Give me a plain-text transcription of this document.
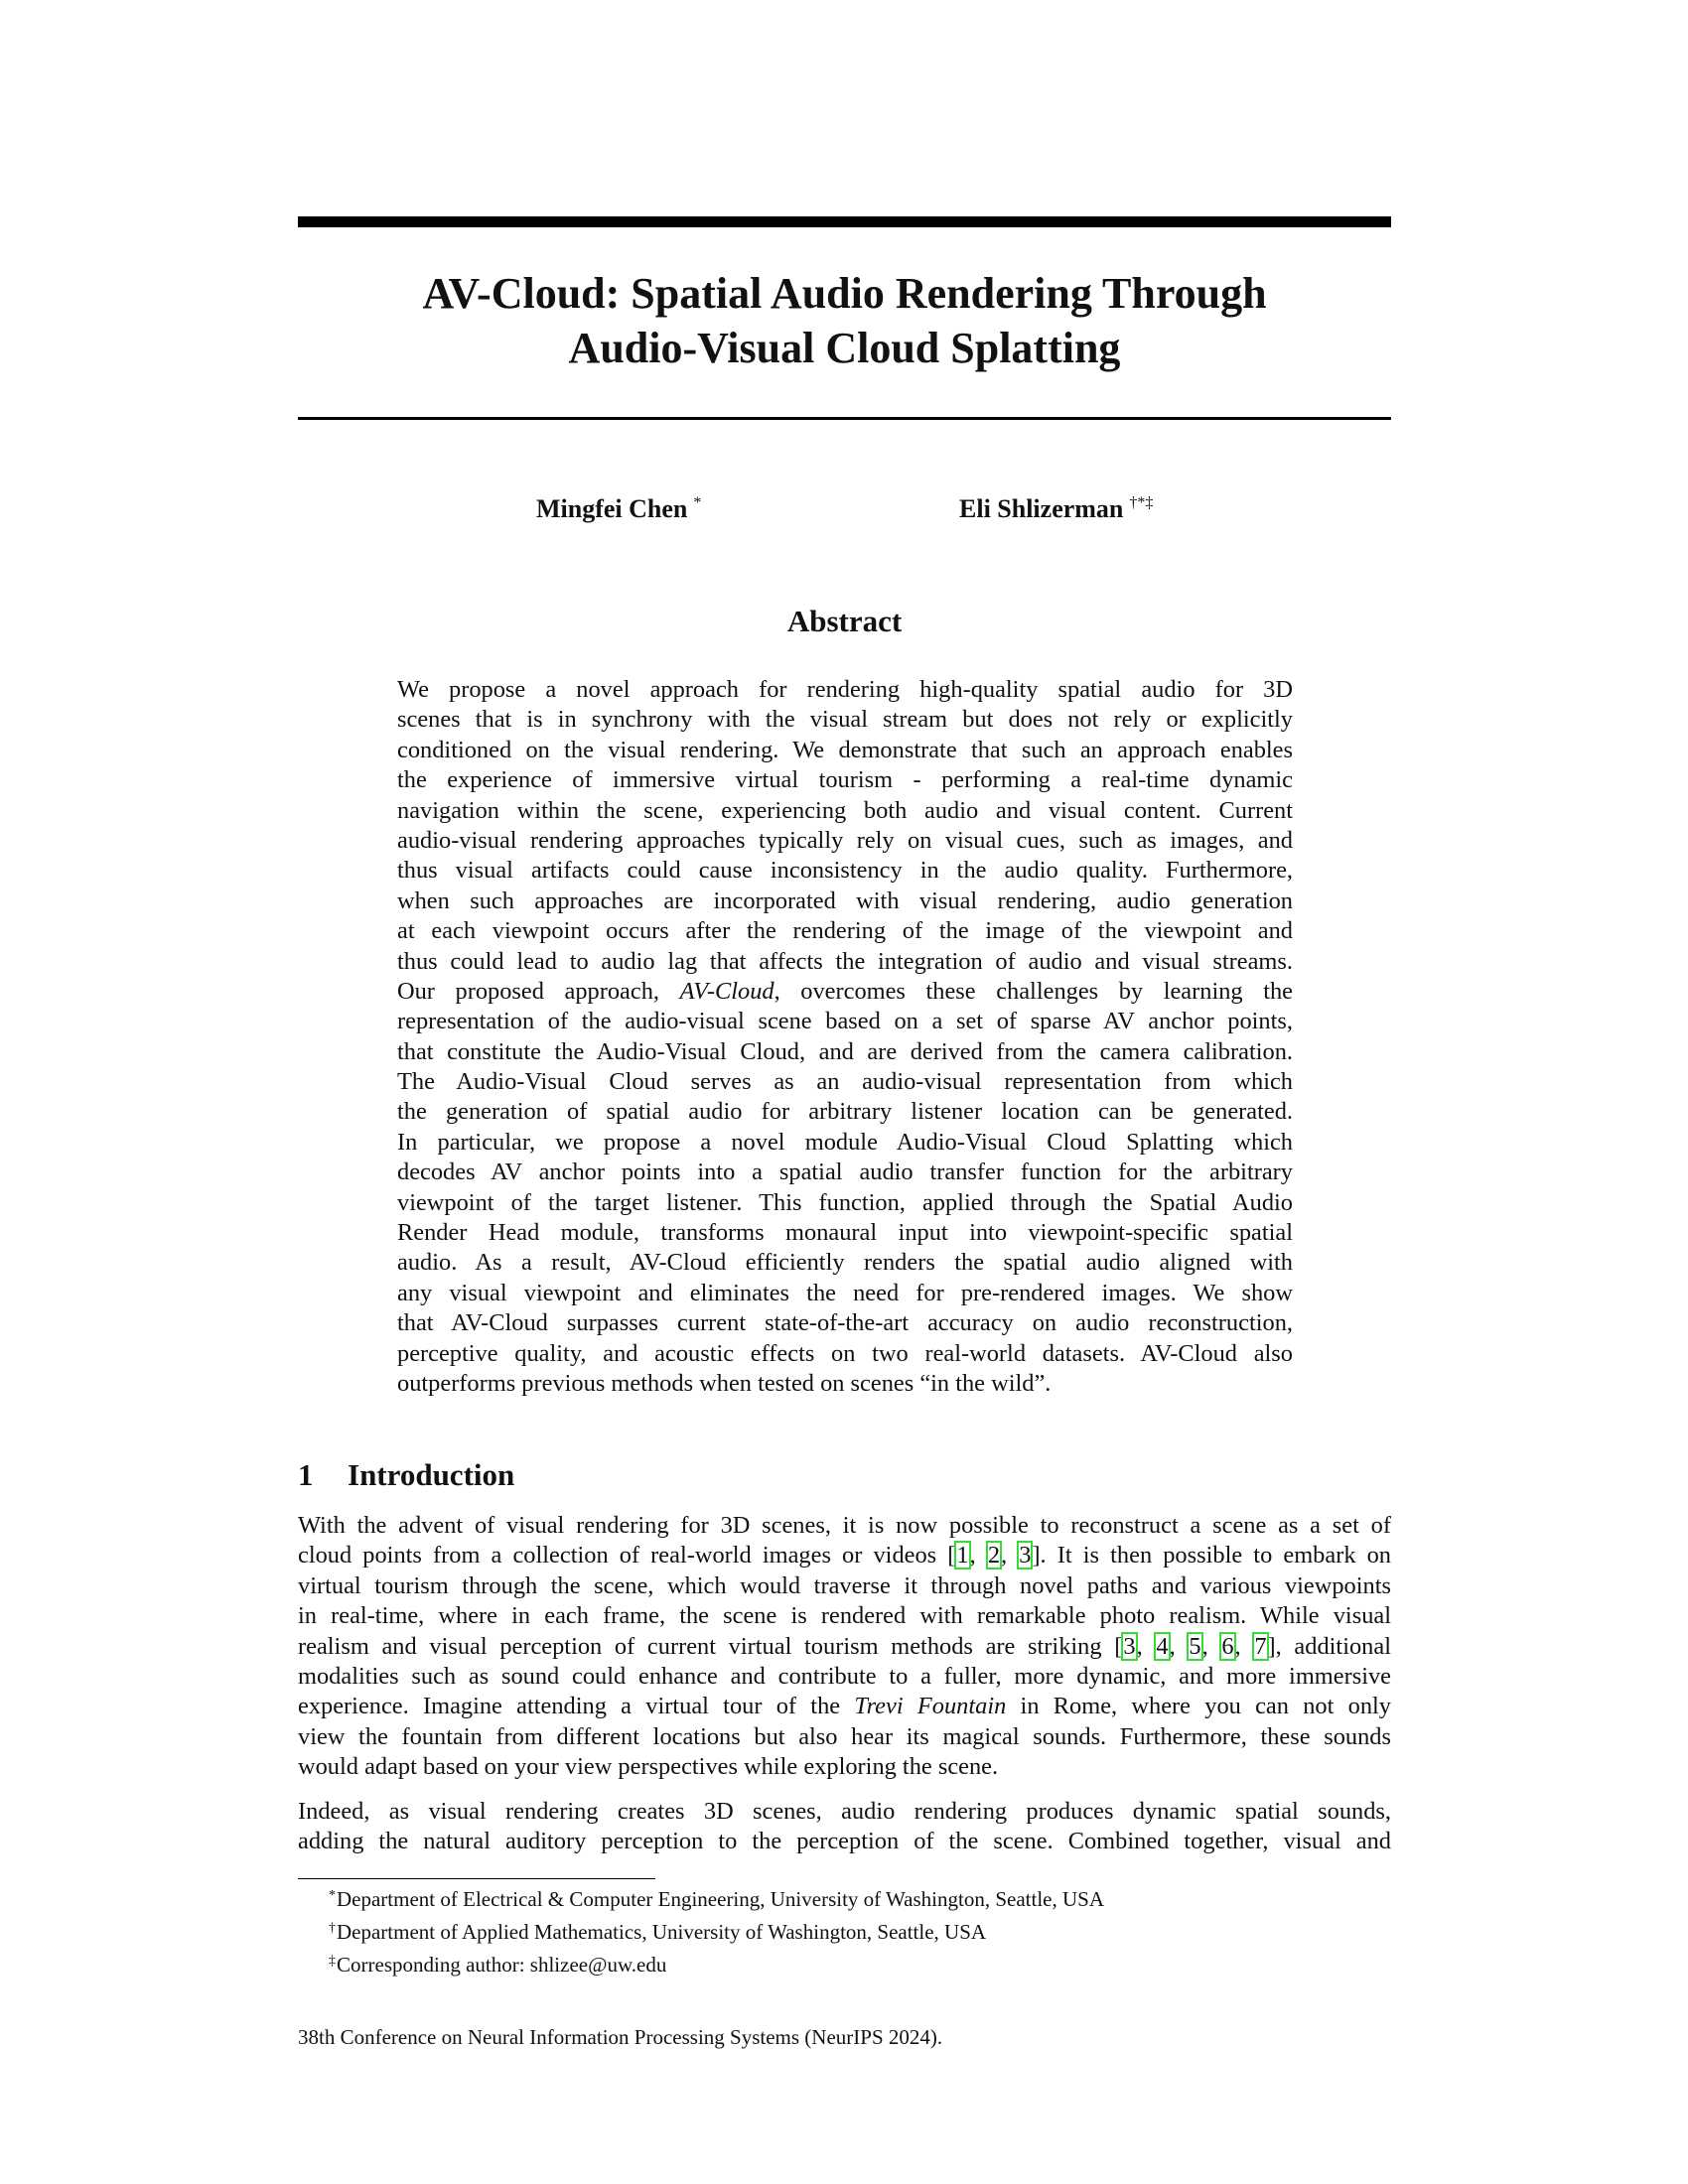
AV-Cloud: Spatial Audio Rendering Through
Audio-Visual Cloud Splatting
Mingfei Chen *	Eli Shlizerman †*‡
Abstract
We propose a novel approach for rendering high-quality spatial audio for 3D
scenes that is in synchrony with the visual stream but does not rely or explicitly
conditioned on the visual rendering. We demonstrate that such an approach enables
the experience of immersive virtual tourism - performing a real-time dynamic
navigation within the scene, experiencing both audio and visual content. Current
audio-visual rendering approaches typically rely on visual cues, such as images, and
thus visual artifacts could cause inconsistency in the audio quality. Furthermore,
when such approaches are incorporated with visual rendering, audio generation
at each viewpoint occurs after the rendering of the image of the viewpoint and
thus could lead to audio lag that affects the integration of audio and visual streams.
Our proposed approach, AV-Cloud, overcomes these challenges by learning the
representation of the audio-visual scene based on a set of sparse AV anchor points,
that constitute the Audio-Visual Cloud, and are derived from the camera calibration.
The Audio-Visual Cloud serves as an audio-visual representation from which
the generation of spatial audio for arbitrary listener location can be generated.
In particular, we propose a novel module Audio-Visual Cloud Splatting which
decodes AV anchor points into a spatial audio transfer function for the arbitrary
viewpoint of the target listener. This function, applied through the Spatial Audio
Render Head module, transforms monaural input into viewpoint-specific spatial
audio. As a result, AV-Cloud efficiently renders the spatial audio aligned with
any visual viewpoint and eliminates the need for pre-rendered images. We show
that AV-Cloud surpasses current state-of-the-art accuracy on audio reconstruction,
perceptive quality, and acoustic effects on two real-world datasets. AV-Cloud also
outperforms previous methods when tested on scenes “in the wild”.
1 Introduction
With the advent of visual rendering for 3D scenes, it is now possible to reconstruct a scene as a set of
cloud points from a collection of real-world images or videos [1, 2, 3]. It is then possible to embark on
virtual tourism through the scene, which would traverse it through novel paths and various viewpoints
in real-time, where in each frame, the scene is rendered with remarkable photo realism. While visual
realism and visual perception of current virtual tourism methods are striking [3, 4, 5, 6, 7], additional
modalities such as sound could enhance and contribute to a fuller, more dynamic, and more immersive
experience. Imagine attending a virtual tour of the Trevi Fountain in Rome, where you can not only
view the fountain from different locations but also hear its magical sounds. Furthermore, these sounds
would adapt based on your view perspectives while exploring the scene.
Indeed, as visual rendering creates 3D scenes, audio rendering produces dynamic spatial sounds,
adding the natural auditory perception to the perception of the scene. Combined together, visual and
*Department of Electrical & Computer Engineering, University of Washington, Seattle, USA
†Department of Applied Mathematics, University of Washington, Seattle, USA
‡Corresponding author: shlizee@uw.edu
38th Conference on Neural Information Processing Systems (NeurIPS 2024).
